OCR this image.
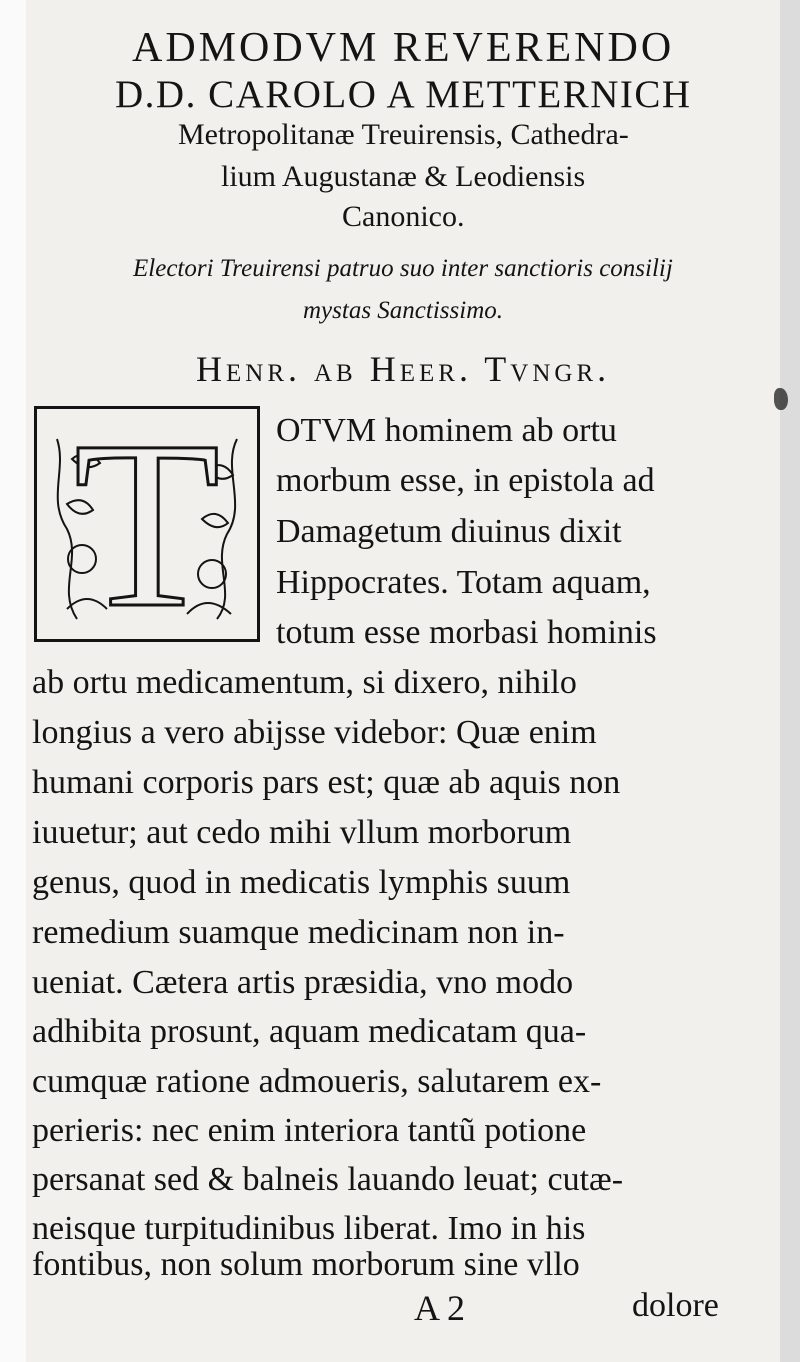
ADMODVM REVERENDO

D.D. CAROLO A METTERNICH

Metropolitanæ Treuirensis, Cathedra-

lium Augustanæ & Leodiensis

Canonico.

Electori Treuirensi patruo suo inter sanctioris consilij

mystas Sanctissimo.

Henr. ab Heer. Tvngr.

T	OTVM hominem ab ortu

morbum esse, in epistola ad

Damagetum diuinus dixit

Hippocrates. Totam aquam,

totum esse morbasi hominis

ab ortu medicamentum, si dixero, nihilo

longius a vero abijsse videbor: Quæ enim

humani corporis pars est; quæ ab aquis non

iuuetur; aut cedo mihi vllum morborum

genus, quod in medicatis lymphis suum

remedium suamque medicinam non in-

ueniat. Cætera artis præsidia, vno modo

adhibita prosunt, aquam medicatam qua-

cumquæ ratione admoueris, salutarem ex-

perieris: nec enim interiora tantũ potione

persanat sed & balneis lauando leuat; cutæ-

neisque turpitudinibus liberat. Imo in his

fontibus, non solum morborum sine vllo

A 2	dolore
